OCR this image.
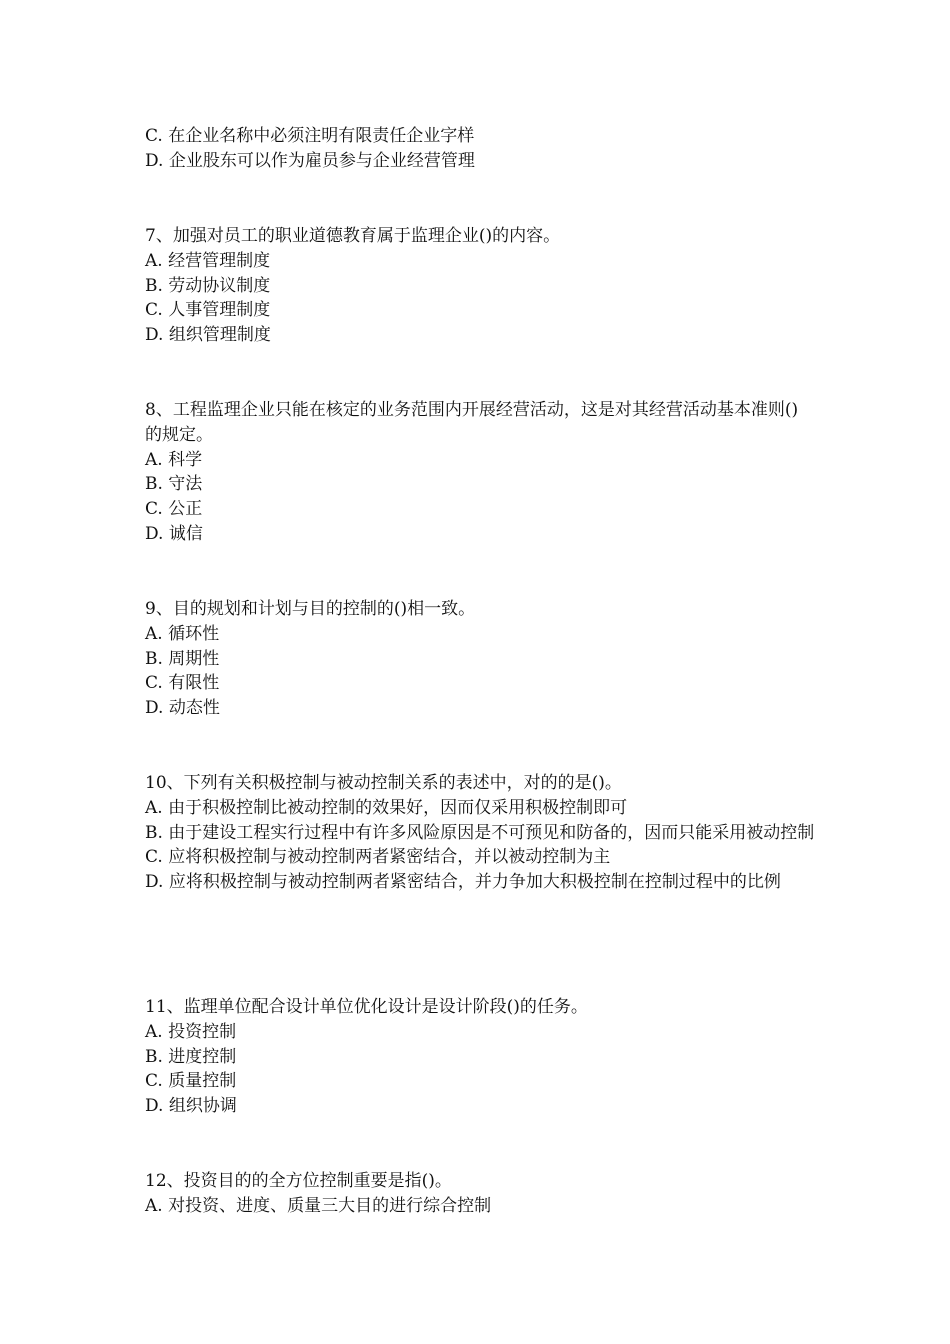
C. 在企业名称中必须注明有限责任企业字样

D. 企业股东可以作为雇员参与企业经营管理

7、加强对员工的职业道德教育属于监理企业()的内容。

A. 经营管理制度

B. 劳动协议制度

C. 人事管理制度

D. 组织管理制度

8、工程监理企业只能在核定的业务范围内开展经营活动，这是对其经营活动基本准则()的规定。

A. 科学

B. 守法

C. 公正

D. 诚信

9、目的规划和计划与目的控制的()相一致。

A. 循环性

B. 周期性

C. 有限性

D. 动态性

10、下列有关积极控制与被动控制关系的表述中，对的的是()。

A. 由于积极控制比被动控制的效果好，因而仅采用积极控制即可

B. 由于建设工程实行过程中有许多风险原因是不可预见和防备的，因而只能采用被动控制

C. 应将积极控制与被动控制两者紧密结合，并以被动控制为主

D. 应将积极控制与被动控制两者紧密结合，并力争加大积极控制在控制过程中的比例

11、监理单位配合设计单位优化设计是设计阶段()的任务。

A. 投资控制

B. 进度控制

C. 质量控制

D. 组织协调

12、投资目的的全方位控制重要是指()。

A. 对投资、进度、质量三大目的进行综合控制
